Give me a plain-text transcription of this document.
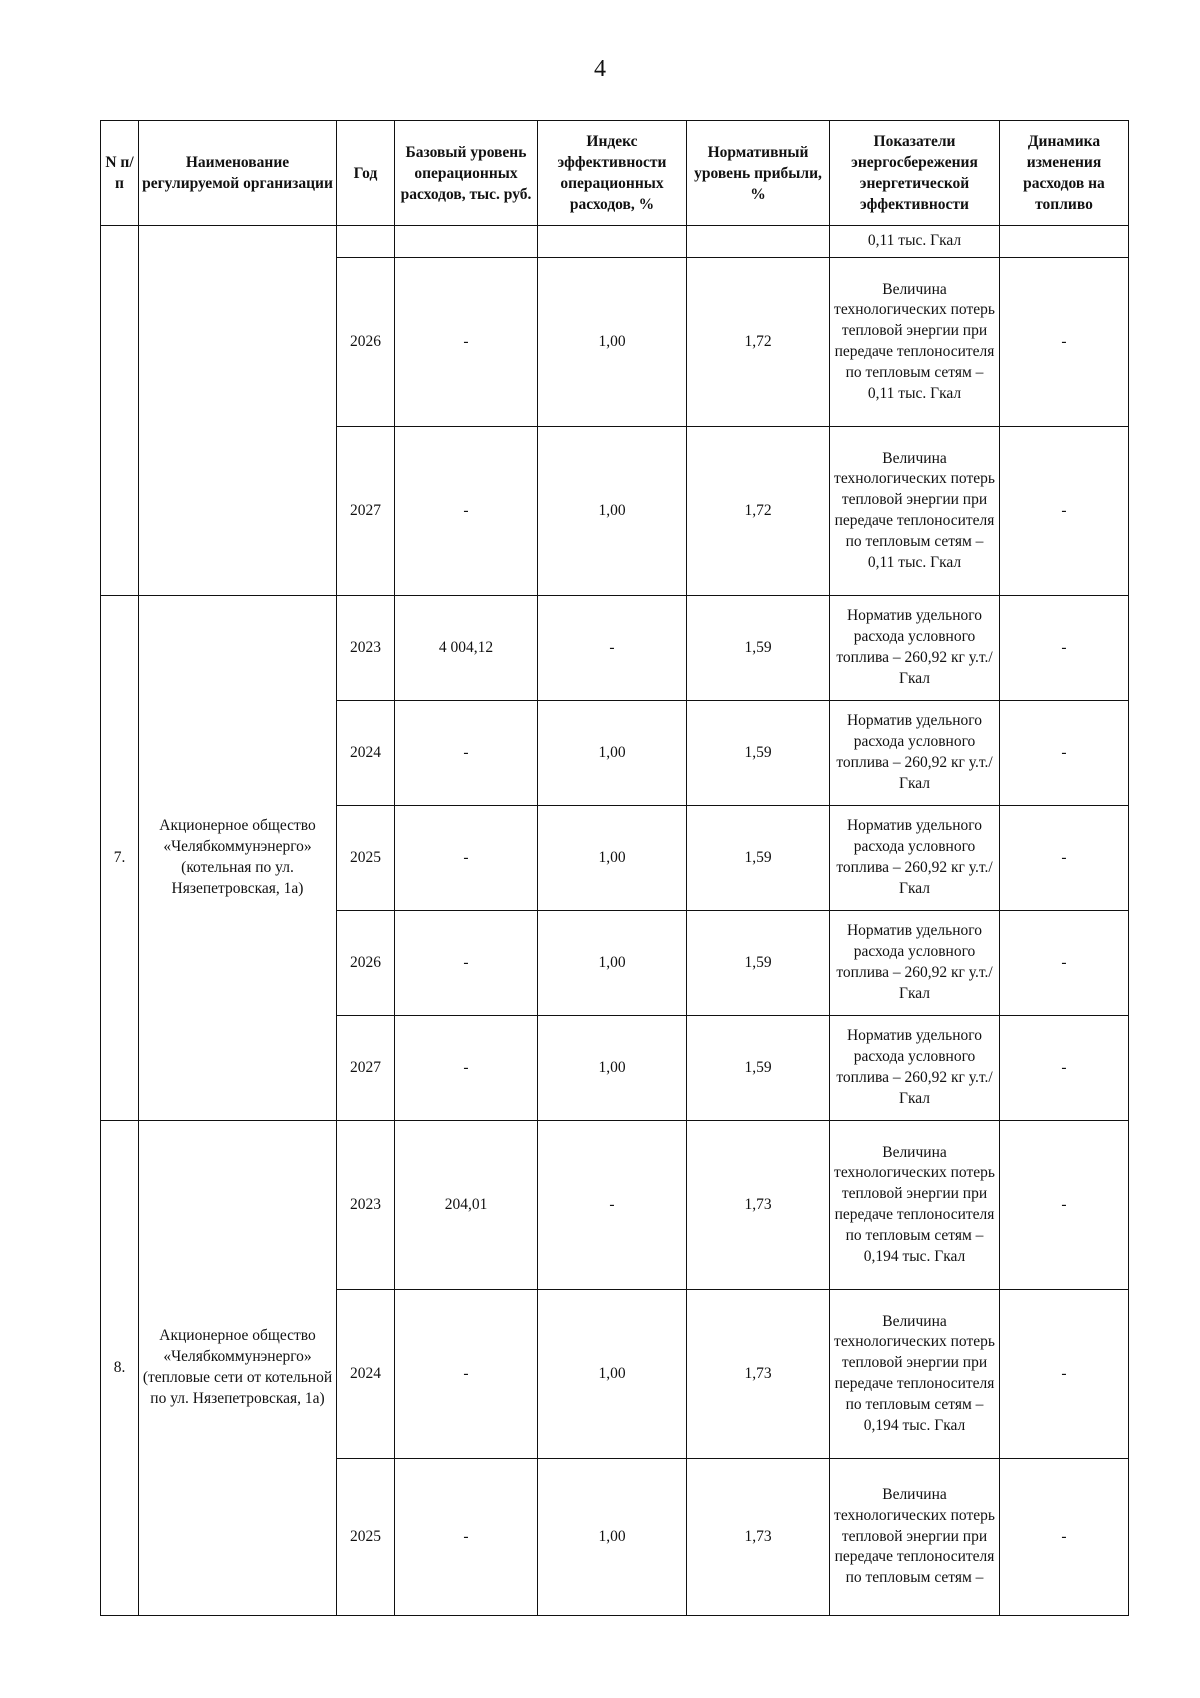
4
N п/п	Наименование регулируемой организации	Год	Базовый уровень операционных расходов, тыс. руб.	Индекс эффективности операционных расходов, %	Нормативный уровень прибыли, %	Показатели энергосбережения энергетической эффективности	Динамика изменения расходов на топливо
						0,11 тыс. Гкал	
		2026	-	1,00	1,72	Величина технологических потерь тепловой энергии при передаче теплоносителя по тепловым сетям – 0,11 тыс. Гкал	-
		2027	-	1,00	1,72	Величина технологических потерь тепловой энергии при передаче теплоносителя по тепловым сетям – 0,11 тыс. Гкал	-
7.	Акционерное общество «Челябкоммунэнерго» (котельная по ул. Нязепетровская, 1а)	2023	4 004,12	-	1,59	Норматив удельного расхода условного топлива – 260,92 кг у.т./Гкал	-
		2024	-	1,00	1,59	Норматив удельного расхода условного топлива – 260,92 кг у.т./Гкал	-
		2025	-	1,00	1,59	Норматив удельного расхода условного топлива – 260,92 кг у.т./Гкал	-
		2026	-	1,00	1,59	Норматив удельного расхода условного топлива – 260,92 кг у.т./Гкал	-
		2027	-	1,00	1,59	Норматив удельного расхода условного топлива – 260,92 кг у.т./Гкал	-
8.	Акционерное общество «Челябкоммунэнерго» (тепловые сети от котельной по ул. Нязепетровская, 1а)	2023	204,01	-	1,73	Величина технологических потерь тепловой энергии при передаче теплоносителя по тепловым сетям – 0,194 тыс. Гкал	-
		2024	-	1,00	1,73	Величина технологических потерь тепловой энергии при передаче теплоносителя по тепловым сетям – 0,194 тыс. Гкал	-
		2025	-	1,00	1,73	Величина технологических потерь тепловой энергии при передаче теплоносителя по тепловым сетям –	-
